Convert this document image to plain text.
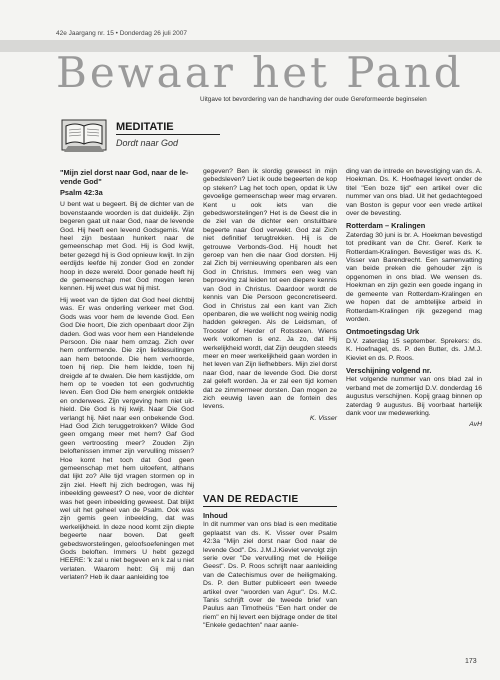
42e Jaargang nr. 15 • Donderdag 26 juli 2007
Bewaar het Pand
Uitgave tot bevordering van de handhaving der oude Gereformeerde beginselen
MEDITATIE
Dordt naar God

"Mijn ziel dorst naar God, naar de le-vende God"

Psalm 42:3a

U bent wat u begeert. Bij de dichter van de bovenstaande woorden is dat duidelijk. Zijn begeren gaat uit naar God, naar de levende God. Hij heeft een levend Godsgemis. Wat heel zijn bestaan hunkert naar de gemeenschap met God. Hij is God kwijt, beter gezegd hij is God opnieuw kwijt. In zijn eerdijds leefde hij zonder God en zonder hoop in deze wereld. Door genade heeft hij de gemeenschap met God mogen leren kennen. Hij weet dus wat hij mist.

Hij weet van de tijden dat God heel dichtbij was. Er was onderling verkeer met God. Gods was voor hem de levende God. Een God Die hoort, Die zich openbaart door Zijn daden. God was voor hem een Handelende Persoon. Die naar hem omzag. Zich over hem ontfermende. Die zijn liefdesuitingen aan hem betoonde. Die hem verhoorde, toen hij riep. Die hem leidde, toen hij dreigde af te dwalen. Die hem kastijdde, om hem op te voeden tot een godvruchtig leven. Een God Die hem energiek ontdekte en onderwees. Zijn vergeving hem niet uit-hield. Die God is hij kwijt. Naar Die God verlangt hij. Niet naar een onbekende God. Had God Zich teruggetrokken? Wilde God geen omgang meer met hem? Gaf God geen vertroosting meer? Zouden Zijn beloftenissen immer zijn vervulling missen? Hoe komt het toch dat God geen gemeenschap met hem uitoefent, althans dat lijkt zo? Alle tijd vragen stormen op in zijn ziel. Heeft hij zich bedrogen, was hij inbeelding geweest? O nee, voor de dichter was het geen inbeelding geweest. Dat blijkt wel uit het geheel van de Psalm. Ook was zijn gemis geen inbeelding, dat was werkelijkheid. In deze nood komt zijn diepte begeerte naar boven. Dat geeft gebedsworstelingen, geloofsoefeningen met Gods beloften. Immers U hebt gezegd HEERE: 'k zal u niet begeven en k zal u niet verlaten. Waarom hebt: Gij mij dan verlaten? Heb ik daar aanleiding toe

gegeven? Ben ik slordig geweest in mijn gebedsleven? Liet ik oude begeerten de kop op steken? Lag het toch open, opdat ik Uw gevoelige gemeenschap weer mag ervaren. Kent u ook iets van die gebedsworstelingen? Het is de Geest die in de ziel van de dichter een onstuitbare begeerte naar God verwekt. God zal Zich niet definitief terugtrekken. Hij is de getrouwe Verbonds-God. Hij houdt het geroep van hen die naar God dorsten. Hij zal Zich bij vernieuwing openbaren als een God in Christus. Immers een weg van beproeving zal leiden tot een diepere kennis van God in Christus. Daardoor wordt de kennis van Die Persoon geconcretiseerd. God in Christus zal een kant van Zich openbaren, die we wellicht nog weinig nodig hadden gekregen. Als de Leidsman, of Trooster of Herder of Rotssteen. Wiens werk volkomen is enz. Ja zo, dat Hij werkelijkheid wordt, dat Zijn deugden steeds meer en meer werkelijkheid gaan worden in het leven van Zijn liefhebbers. Mijn ziel dorst naar God, naar de levende God. Die dorst zal geleft worden. Ja er zal een tijd komen dat ze zimmermeer dorsten. Dan mogen ze zich eeuwig laven aan de fontein des levens.

K. Visser

VAN DE REDACTIE

Inhoud

In dit nummer van ons blad is een meditatie geplaatst van ds. K. Visser over Psalm 42:3a "Mijn ziel dorst naar God naar de levende God". Ds. J.M.J.Kieviet vervolgt zijn serie over "De vervulling met de Heilige Geest". Ds. P. Roos schrijft naar aanleiding van de Catechismus over de heiligmaking. Ds. P. den Butter publiceert een tweede artikel over "woorden van Agur". Ds. M.C. Tanis schrijft over de tweede brief van Paulus aan Timotheüs "Een hart onder de riem" en hij levert een bijdrage onder de titel "Enkele gedachten" naar aanle-

ding van de intrede en bevestiging van ds. A. Hoekman. Ds. K. Hoefnagel levert onder de titel "Een boze tijd" een artikel over dic nummer van ons blad. Uit het gedachtegoed van Boston is gepur voor een vrede artikel over de bevesting.

Rotterdam – Kralingen

Zaterdag 30 juni is br. A. Hoekman bevestigd tot predikant van de Chr. Geref. Kerk te Rotterdam-Kralingen. Bevestiger was ds. K. Visser van Barendrecht. Een samenvatting van beide preken die gehouder zijn is opgenomen in ons blad. We wensen ds. Hoekman en zijn gezin een goede ingang in de gemeente van Rotterdam-Kralingen en we hopen dat de ambtelijke arbeid in Rotterdam-Kralingen rijk gezegend mag worden.

Ontmoetingsdag Urk

D.V. zaterdag 15 september. Sprekers: ds. K. Hoefnagel, ds. P. den Butter, ds. J.M.J. Kieviet en ds. P. Roos.

Verschijning volgend nr.

Het volgende nummer van ons blad zal in verband met de zomertijd D.V. donderdag 16 augustus verschijnen. Kopij graag binnen op zaterdag 9 augustus. Bij voorbaat hartelijk dank voor uw medewerking.

AvH

173
